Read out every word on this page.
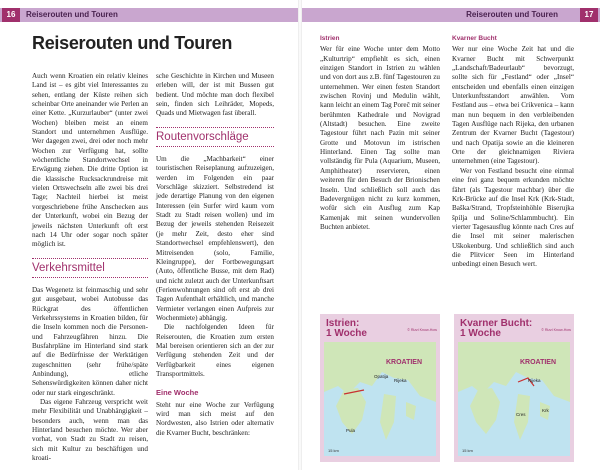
16	Reiserouten und Touren
Reiserouten und Touren

Auch wenn Kroatien ein relativ kleines Land ist – es gibt viel Interessantes zu sehen, entlang der Küste reihen sich scheinbar Orte aneinander wie Perlen an einer Kette. „Kurzurlauber“ (unter zwei Wochen) bleiben meist an einem Standort und unternehmen Ausflüge. Wer dagegen zwei, drei oder noch mehr Wochen zur Verfügung hat, sollte wöchentliche Standortwechsel in Erwägung ziehen. Die dritte Option ist die klassische Rucksackrundreise mit vielen Ortswechseln alle zwei bis drei Tage; Nachteil hierbei ist meist vorgeschriebene frühe Anschecken aus der Unterkunft, wobei ein Bezug der jeweils nächsten Unterkunft oft erst nach 14 Uhr oder sogar noch später möglich ist.

Verkehrsmittel

Das Wegenetz ist feinmaschig und sehr gut ausgebaut, wobei Autobusse das Rückgrat des öffentlichen Verkehrssystems in Kroatien bilden, für die Inseln kommen noch die Personen- und Fahrzeugfähren hinzu. Die Busfahrpläne im Hinterland sind stark auf die Bedürfnisse der Werktätigen zugeschnitten (sehr frühe/späte Anbindung), etliche Sehenswürdigkeiten können daher nicht oder nur stark eingeschränkt.

Das eigene Fahrzeug verspricht weit mehr Flexibilität und Unabhängigkeit – besonders auch, wenn man das Hinterland besuchen möchte. Wer aber vorhat, von Stadt zu Stadt zu reisen, sich mit Kultur zu beschäftigen und kroati-

sche Geschichte in Kirchen und Museen erleben will, der ist mit Bussen gut bedient. Und möchte man doch flexibel sein, finden sich Leihräder, Mopeds, Quads und Mietwagen fast überall.

Routenvorschläge

Um die „Machbarkeit“ einer touristischen Reiseplanung aufzuzeigen, werden im Folgenden ein paar Vorschläge skizziert. Selbstredend ist jede derartige Planung von den eigenen Interessen (ein Surfer wird kaum vom Stadt zu Stadt reisen wollen) und im Bezug der jeweils stehenden Reisezeit (je mehr Zeit, desto eher sind Standortwechsel empfehlenswert), den Mitreisenden (solo, Familie, Kleingruppe), der Fortbewegungsart (Auto, öffentliche Busse, mit dem Rad) und nicht zuletzt auch der Unterkunftsart (Ferienwohnungen sind oft erst ab drei Tagen Aufenthalt erhältlich, und manche Vermieter verlangen einen Aufpreis zur Wochenmiete) abhängig.

Die nachfolgenden Ideen für Reiserouten, die Kroatien zum ersten Mal bereisen orientieren sich an der zur Verfügung stehenden Zeit und der Verfügbarkeit eines eigenen Transportmittels.

Eine Woche

Steht nur eine Woche zur Verfügung wird man sich meist auf den Nordwesten, also Istrien oder alternativ die Kvarner Bucht, beschränken:

Reiserouten und Touren	17
Istrien

Wer für eine Woche unter dem Motto „Kulturtrip“ empfiehlt es sich, einen einzigen Standort in Istrien zu wählen und von dort aus z.B. fünf Tagestouren zu unternehmen. Wer einen festen Standort zwischen Rovinj und Medulin wählt, kann leicht an einem Tag Poreč mit seiner berühmten Kathedrale und Novigrad (Altstadt) besuchen. Eine zweite Tagestour führt nach Pazin mit seiner Grotte und Motovun im istrischen Hinterland. Einen Tag sollte man vollständig für Pula (Aquarium, Museen, Amphitheater) reservieren, einen weiteren für den Besuch der Brionischen Inseln. Und schließlich soll auch das Badevergnügen nicht zu kurz kommen, wofür sich ein Ausflug zum Kap Kamenjak mit seinen wundervollen Buchten anbietet.

Kvarner Bucht

Wer nur eine Woche Zeit hat und die Kvarner Bucht mit Schwerpunkt „Landschaft/Badeurlaub“ bevorzugt, sollte sich für „Festland“ oder „Insel“ entscheiden und ebenfalls einen einzigen Unterkunftsstandort anwählen. Vom Festland aus – etwa bei Crikvenica – kann man nun bequem in den verbleibenden Tagen Ausflüge nach Rijeka, den urbanen Zentrum der Kvarner Bucht (Tagestour) und nach Opatija sowie an die kleineren Orte der gleichnamigen Riviera unternehmen (eine Tagestour).

Wer von Festland besucht eine einmal eine frei ganz bequem erkunden möchte fährt (als Tagestour machbar) über die Krk-Brücke auf die Insel Krk (Krk-Stadt, Baška/Strand, Tropfsteinhöhle Biserujka špilja und Soline/Schlammbucht). Ein vierter Tagesausflug könnte nach Cres auf die Insel mit seiner malerischen Uškokenburg. Und schließlich sind auch die Plitvicer Seen im Hinterland unbedingt einen Besuch wert.

Istrien:
1 Woche	© Rizzi Know-How
KROATIEN
Rijeka
Opatija
Pula
15 km
Kvarner Bucht:
1 Woche	© Rizzi Know-How
KROATIEN
Rijeka
Krk
Cres
15 km
